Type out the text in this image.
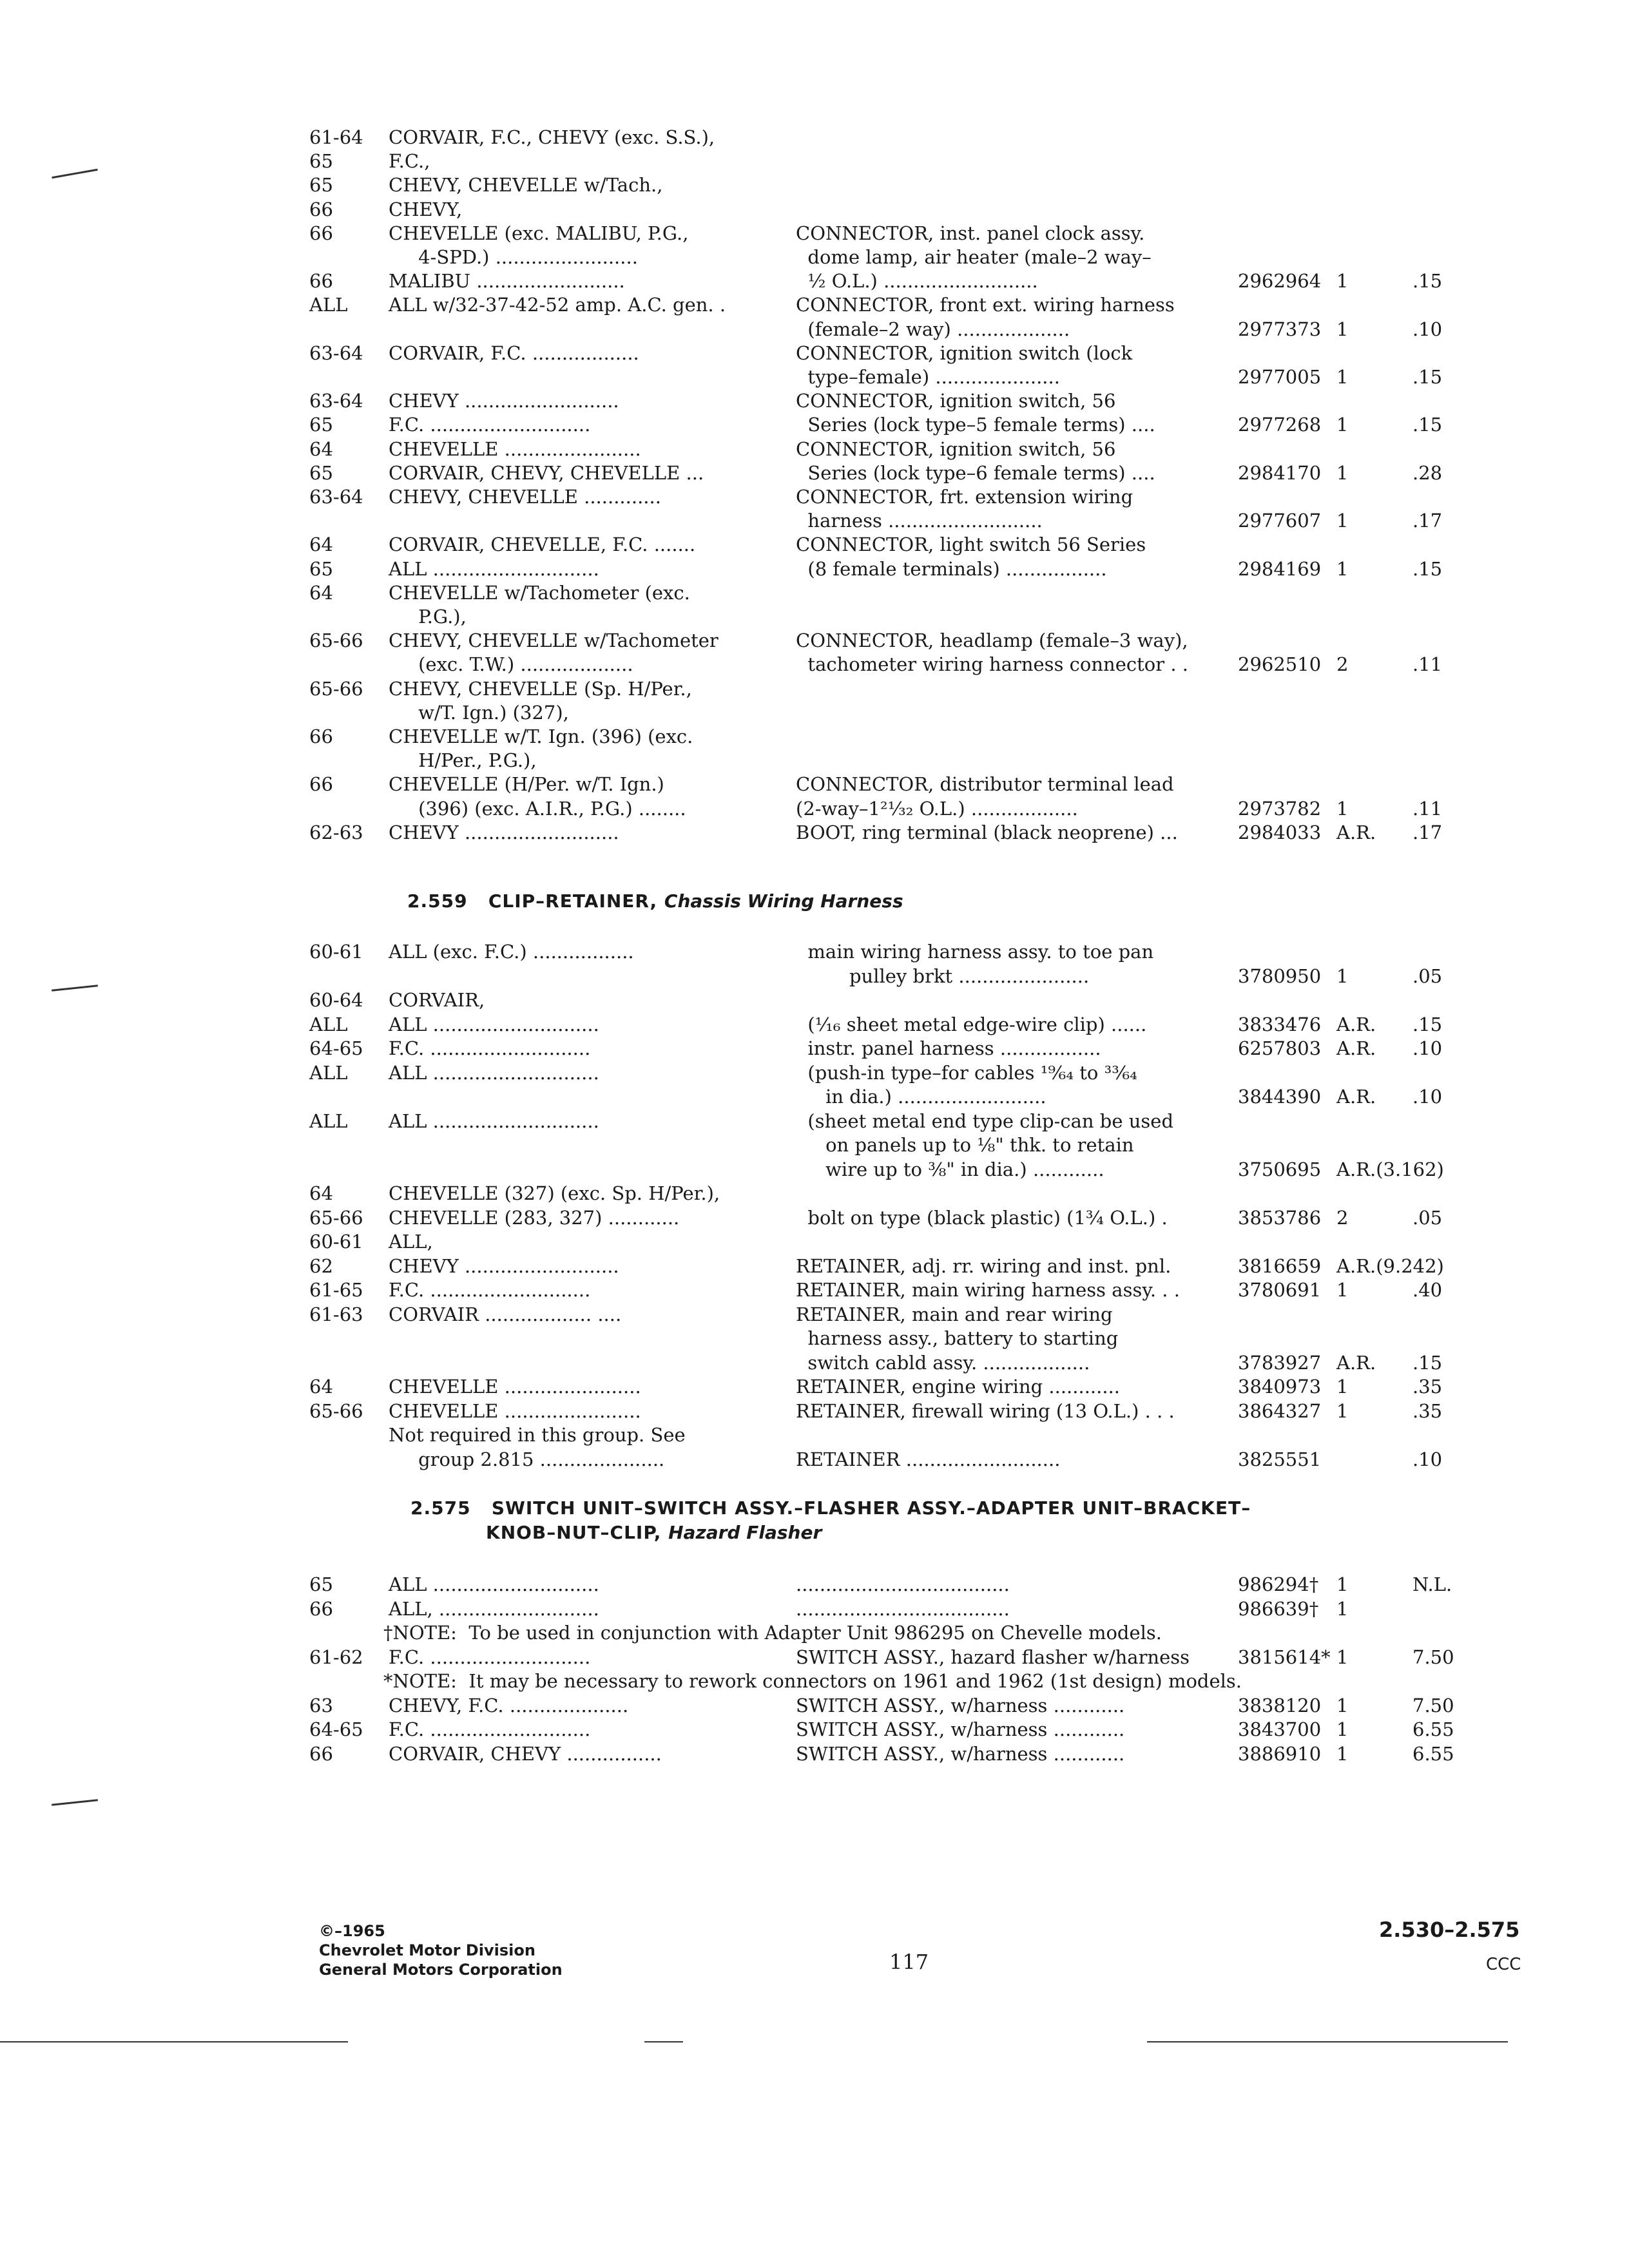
61-64 CORVAIR, F.C., CHEVY (exc. S.S.),
65	F.C.,
65	CHEVY, CHEVELLE w/Tach.,
66	CHEVY,
66	CHEVELLE (exc. MALIBU, P.G.,	CONNECTOR, inst. panel clock assy.
4-SPD.) ........................	dome lamp, air heater (male–2 way–
66	MALIBU .........................	½ O.L.) ..........................	2962964 1	.15
ALL ALL w/32-37-42-52 amp. A.C. gen. .	CONNECTOR, front ext. wiring harness
(female–2 way) ...................	2977373 1	.10
63-64 CORVAIR, F.C. ..................	CONNECTOR, ignition switch (lock
type–female) .....................	2977005 1	.15
63-64 CHEVY ..........................	CONNECTOR, ignition switch, 56
65	F.C. ...........................	Series (lock type–5 female terms) ....	2977268 1	.15
64	CHEVELLE .......................	CONNECTOR, ignition switch, 56
65	CORVAIR, CHEVY, CHEVELLE ...	Series (lock type–6 female terms) ....	2984170 1	.28
63-64 CHEVY, CHEVELLE .............	CONNECTOR, frt. extension wiring
harness ..........................	2977607 1	.17
64	CORVAIR, CHEVELLE, F.C. .......	CONNECTOR, light switch 56 Series
65	ALL ............................	(8 female terminals) .................	2984169 1	.15
64	CHEVELLE w/Tachometer (exc.
P.G.),
65-66 CHEVY, CHEVELLE w/Tachometer	CONNECTOR, headlamp (female–3 way),
(exc. T.W.) ...................	tachometer wiring harness connector . .	2962510 2	.11
65-66 CHEVY, CHEVELLE (Sp. H/Per.,
w/T. Ign.) (327),
66	CHEVELLE w/T. Ign. (396) (exc.
H/Per., P.G.),
66	CHEVELLE (H/Per. w/T. Ign.)	CONNECTOR, distributor terminal lead
(396) (exc. A.I.R., P.G.) ........	(2-way–1²¹⁄₃₂ O.L.) ..................	2973782 1	.11
62-63 CHEVY ..........................	BOOT, ring terminal (black neoprene) ...	2984033 A.R. .17
2.559 CLIP–RETAINER, Chassis Wiring Harness
60-61 ALL (exc. F.C.) .................	main wiring harness assy. to toe pan
pulley brkt ......................	3780950 1	.05
60-64 CORVAIR,
ALL ALL ............................	(¹⁄₁₆ sheet metal edge-wire clip) ......	3833476 A.R. .15
64-65 F.C. ...........................	instr. panel harness .................	6257803 A.R. .10
ALL ALL ............................	(push-in type–for cables ¹⁹⁄₆₄ to ³³⁄₆₄
in dia.) .........................	3844390 A.R. .10
ALL ALL ............................	(sheet metal end type clip-can be used
on panels up to ⅛" thk. to retain
wire up to ⅜" in dia.) ............	3750695 A.R.(3.162)
64	CHEVELLE (327) (exc. Sp. H/Per.),
65-66 CHEVELLE (283, 327) ............	bolt on type (black plastic) (1¾ O.L.) .	3853786 2	.05
60-61 ALL,
62	CHEVY ..........................	RETAINER, adj. rr. wiring and inst. pnl.	3816659 A.R.(9.242)
61-65 F.C. ...........................	RETAINER, main wiring harness assy. . .	3780691 1	.40
61-63 CORVAIR .................. ....	RETAINER, main and rear wiring
harness assy., battery to starting
switch cabld assy. ..................	3783927 A.R. .15
64	CHEVELLE .......................	RETAINER, engine wiring ............	3840973 1	.35
65-66 CHEVELLE .......................	RETAINER, firewall wiring (13 O.L.) . . .	3864327 1	.35
Not required in this group. See
group 2.815 .....................	RETAINER ..........................	3825551	.10
2.575 SWITCH UNIT–SWITCH ASSY.–FLASHER ASSY.–ADAPTER UNIT–BRACKET–
KNOB–NUT–CLIP, Hazard Flasher
65	ALL ............................	....................................	986294† 1	N.L.
66	ALL, ...........................	....................................	986639† 1
†NOTE:  To be used in conjunction with Adapter Unit 986295 on Chevelle models.
61-62 F.C. ...........................	SWITCH ASSY., hazard flasher w/harness	3815614* 1	7.50
*NOTE:  It may be necessary to rework connectors on 1961 and 1962 (1st design) models.
63	CHEVY, F.C. ....................	SWITCH ASSY., w/harness ............	3838120 1	7.50
64-65 F.C. ...........................	SWITCH ASSY., w/harness ............	3843700 1	6.55
66	CORVAIR, CHEVY ................	SWITCH ASSY., w/harness ............	3886910 1	6.55
©–1965
Chevrolet Motor Division
General Motors Corporation	117
2.530–2.575
CCC
